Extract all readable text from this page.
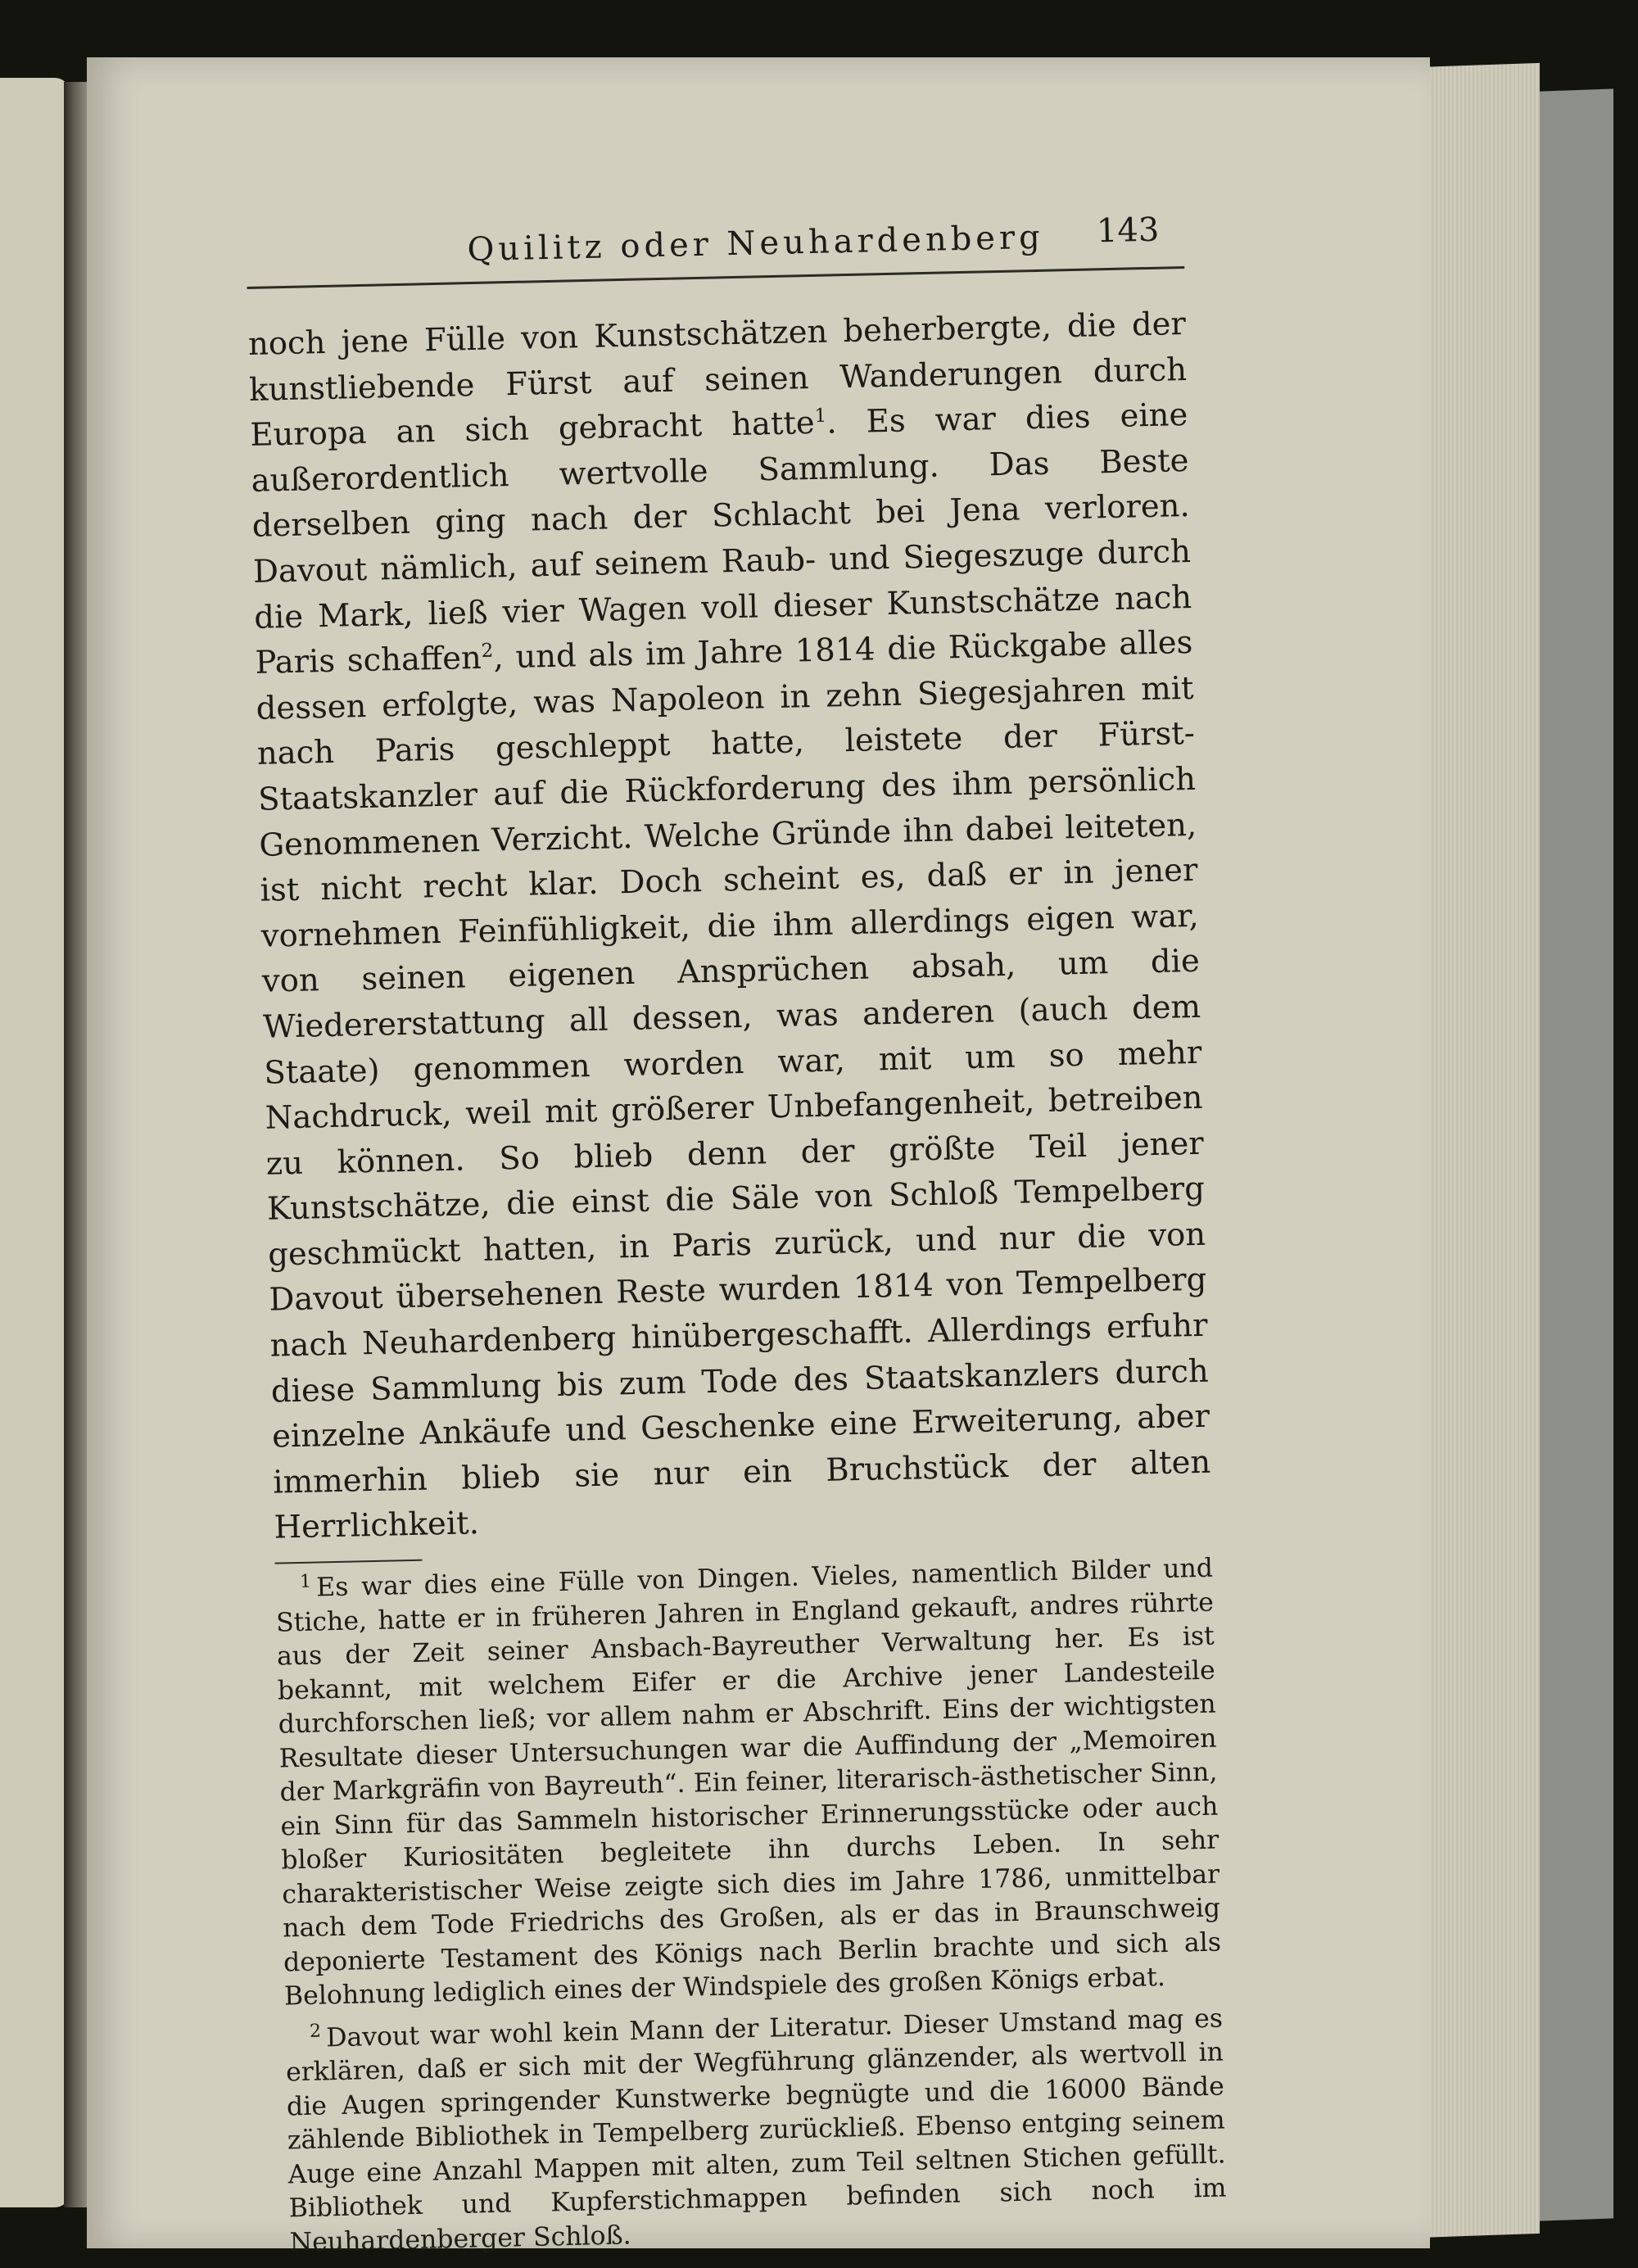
Quilitz oder Neuhardenberg 143

noch jene Fülle von Kunstschätzen beherbergte, die der kunstliebende Fürst auf seinen Wanderungen durch Europa an sich gebracht hatte$^1$. Es war dies eine außerordentlich wertvolle Sammlung. Das Beste derselben ging nach der Schlacht bei Jena verloren. Davout nämlich, auf seinem Raub- und Siegeszuge durch die Mark, ließ vier Wagen voll dieser Kunstschätze nach Paris schaffen$^2$, und als im Jahre 1814 die Rückgabe alles dessen erfolgte, was Napoleon in zehn Siegesjahren mit nach Paris geschleppt hatte, leistete der Fürst-Staatskanzler auf die Rückforderung des ihm persönlich Genommenen Verzicht. Welche Gründe ihn dabei leiteten, ist nicht recht klar. Doch scheint es, daß er in jener vornehmen Feinfühligkeit, die ihm allerdings eigen war, von seinen eigenen Ansprüchen absah, um die Wiedererstattung all dessen, was anderen (auch dem Staate) genommen worden war, mit um so mehr Nachdruck, weil mit größerer Unbefangenheit, betreiben zu können. So blieb denn der größte Teil jener Kunstschätze, die einst die Säle von Schloß Tempelberg geschmückt hatten, in Paris zurück, und nur die von Davout übersehenen Reste wurden 1814 von Tempelberg nach Neuhardenberg hinübergeschafft. Allerdings erfuhr diese Sammlung bis zum Tode des Staatskanzlers durch einzelne Ankäufe und Geschenke eine Erweiterung, aber immerhin blieb sie nur ein Bruchstück der alten Herrlichkeit.

$^1$ Es war dies eine Fülle von Dingen. Vieles, namentlich Bilder und Stiche, hatte er in früheren Jahren in England gekauft, andres rührte aus der Zeit seiner Ansbach-Bayreuther Verwaltung her. Es ist bekannt, mit welchem Eifer er die Archive jener Landesteile durchforschen ließ; vor allem nahm er Abschrift. Eins der wichtigsten Resultate dieser Untersuchungen war die Auffindung der „Memoiren der Markgräfin von Bayreuth“. Ein feiner, literarisch-ästhetischer Sinn, ein Sinn für das Sammeln historischer Erinnerungsstücke oder auch bloßer Kuriositäten begleitete ihn durchs Leben. In sehr charakteristischer Weise zeigte sich dies im Jahre 1786, unmittelbar nach dem Tode Friedrichs des Großen, als er das in Braunschweig deponierte Testament des Königs nach Berlin brachte und sich als Belohnung lediglich eines der Windspiele des großen Königs erbat.

$^2$ Davout war wohl kein Mann der Literatur. Dieser Umstand mag es erklären, daß er sich mit der Wegführung glänzender, als wertvoll in die Augen springender Kunstwerke begnügte und die 16000 Bände zählende Bibliothek in Tempelberg zurückließ. Ebenso entging seinem Auge eine Anzahl Mappen mit alten, zum Teil seltnen Stichen gefüllt. Bibliothek und Kupferstichmappen befinden sich noch im Neuhardenberger Schloß.
